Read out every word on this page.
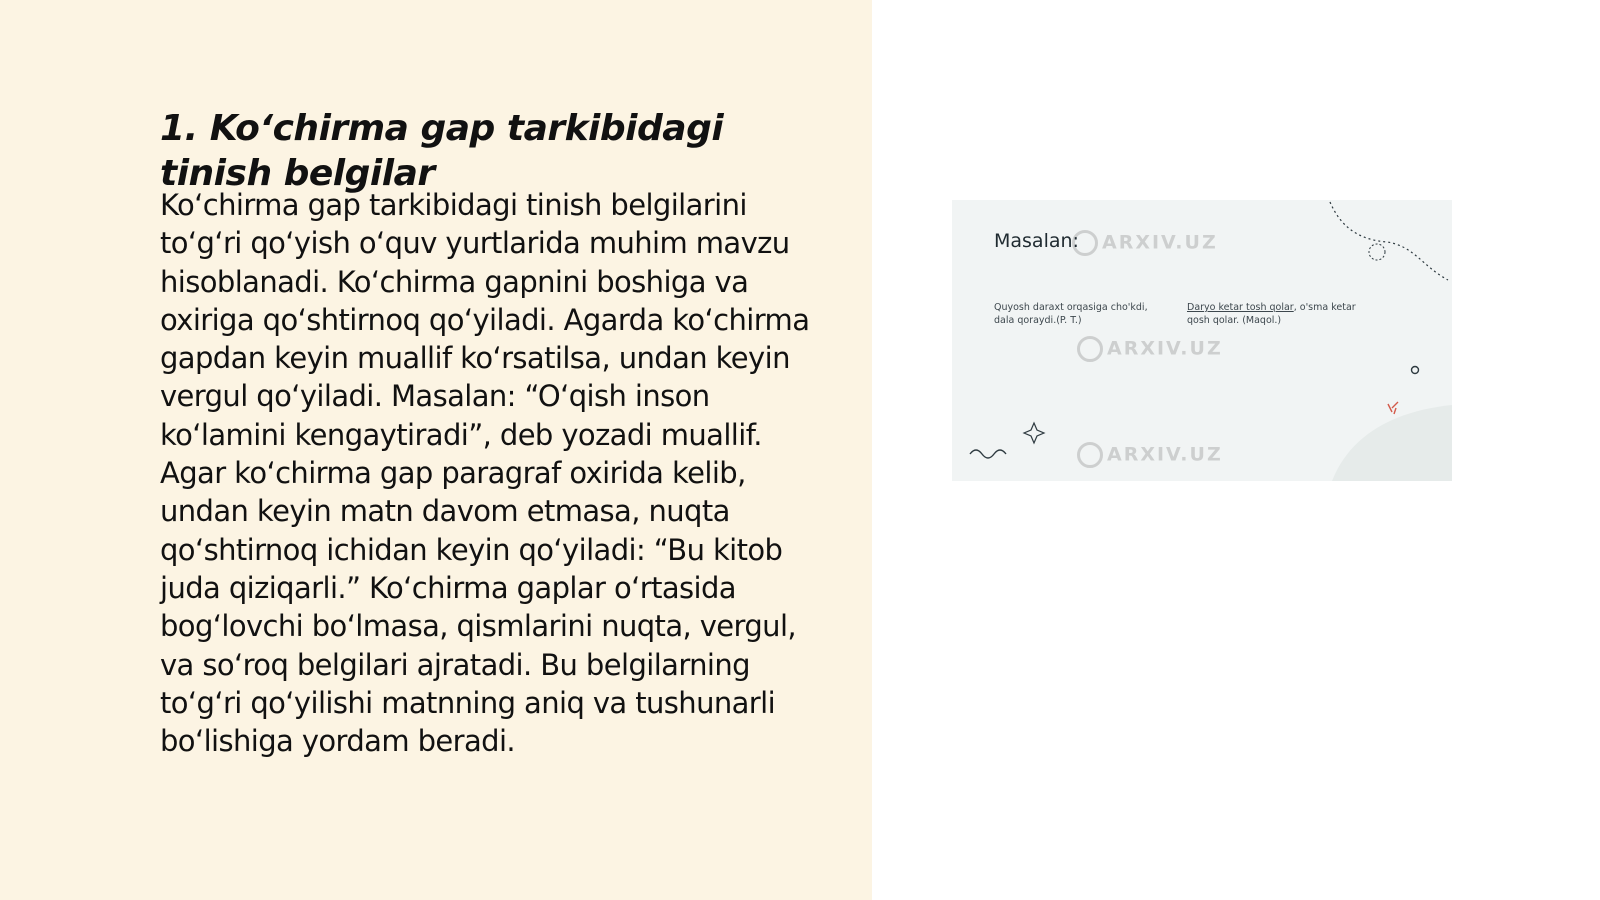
1. Koʻchirma gap tarkibidagi tinish belgilar

Koʻchirma gap tarkibidagi tinish belgilarini toʻgʻri qoʻyish oʻquv yurtlarida muhim mavzu hisoblanadi. Koʻchirma gapnini boshiga va oxiriga qoʻshtirnoq qoʻyiladi. Agarda koʻchirma gapdan keyin muallif koʻrsatilsa, undan keyin vergul qoʻyiladi. Masalan: “Oʻqish inson koʻlamini kengaytiradi”, deb yozadi muallif. Agar koʻchirma gap paragraf oxirida kelib, undan keyin matn davom etmasa, nuqta qoʻshtirnoq ichidan keyin qoʻyiladi: “Bu kitob juda qiziqarli.” Koʻchirma gaplar oʻrtasida bogʻlovchi boʻlmasa, qismlarini nuqta, vergul, va soʻroq belgilari ajratadi. Bu belgilarning toʻgʻri qoʻyilishi matnning aniq va tushunarli boʻlishiga yordam beradi.

ARXIV.UZ
ARXIV.UZ
ARXIV.UZ
Masalan:
Quyosh daraxt orqasiga cho'kdi, dala qoraydi.(P. T.)
Daryo ketar tosh qolar, o'sma ketar qosh qolar. (Maqol.)
